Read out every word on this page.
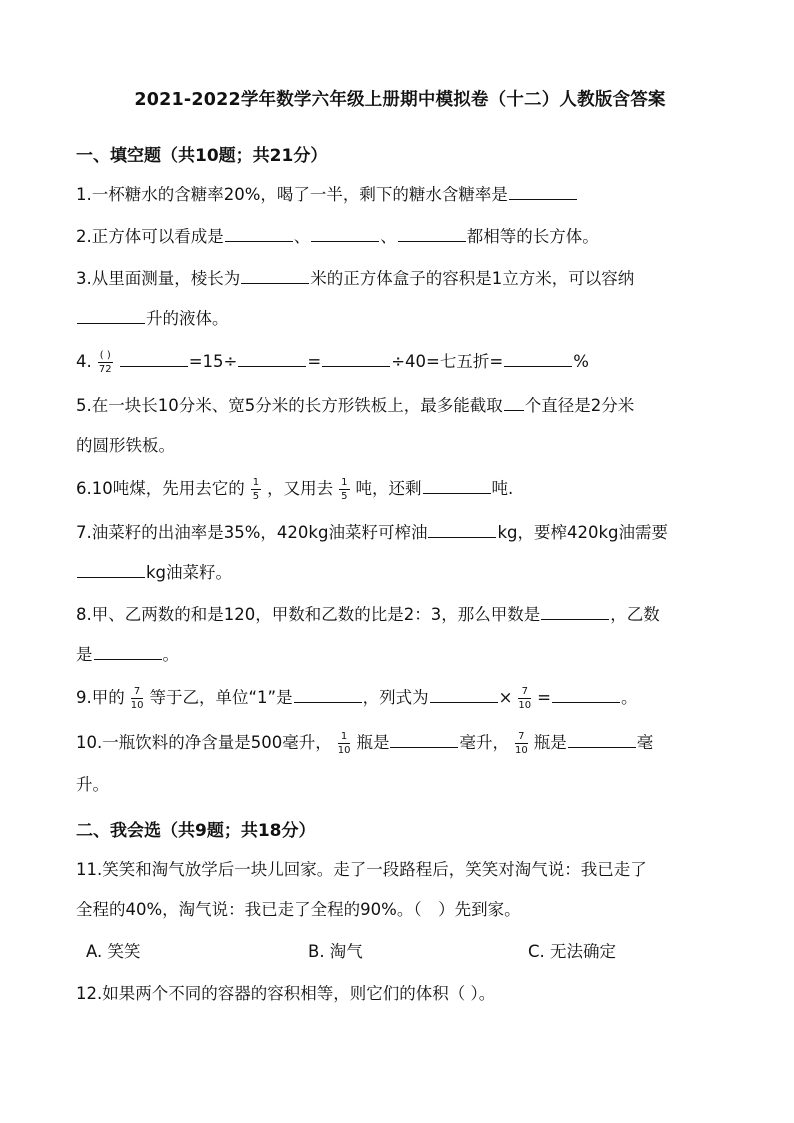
2021-2022学年数学六年级上册期中模拟卷（十二）人教版含答案
一、填空题（共10题；共21分）
1.一杯糖水的含糖率20%，喝了一半，剩下的糖水含糖率是
2.正方体可以看成是	、	、	都相等的长方体。
3.从里面测量，棱长为	米的正方体盒子的容积是1立方米，可以容纳
升的液体。
4. $\frac{( )}{72}$	=15÷	=	÷40=七五折=	%
5.在一块长10分米、宽5分米的长方形铁板上，最多能截取 个直径是2分米
的圆形铁板。
6.10吨煤，先用去它的 $\frac{1}{5}$ ，又用去 $\frac{1}{5}$ 吨，还剩	吨.
7.油菜籽的出油率是35%，420kg油菜籽可榨油	kg，要榨420kg油需要
kg油菜籽。
8.甲、乙两数的和是120，甲数和乙数的比是2：3，那么甲数是	，乙数
是	。
9.甲的 $\frac{7}{10}$ 等于乙，单位“1”是	，列式为	× $\frac{7}{10}$ =	。
10.一瓶饮料的净含量是500毫升， $\frac{1}{10}$ 瓶是	毫升， $\frac{7}{10}$ 瓶是	毫
升。
二、我会选（共9题；共18分）
11.笑笑和淘气放学后一块儿回家。走了一段路程后，笑笑对淘气说：我已走了
全程的40%，淘气说：我已走了全程的90%。（　）先到家。
A. 笑笑	B. 淘气	C. 无法确定
12.如果两个不同的容器的容积相等，则它们的体积（ ）。
